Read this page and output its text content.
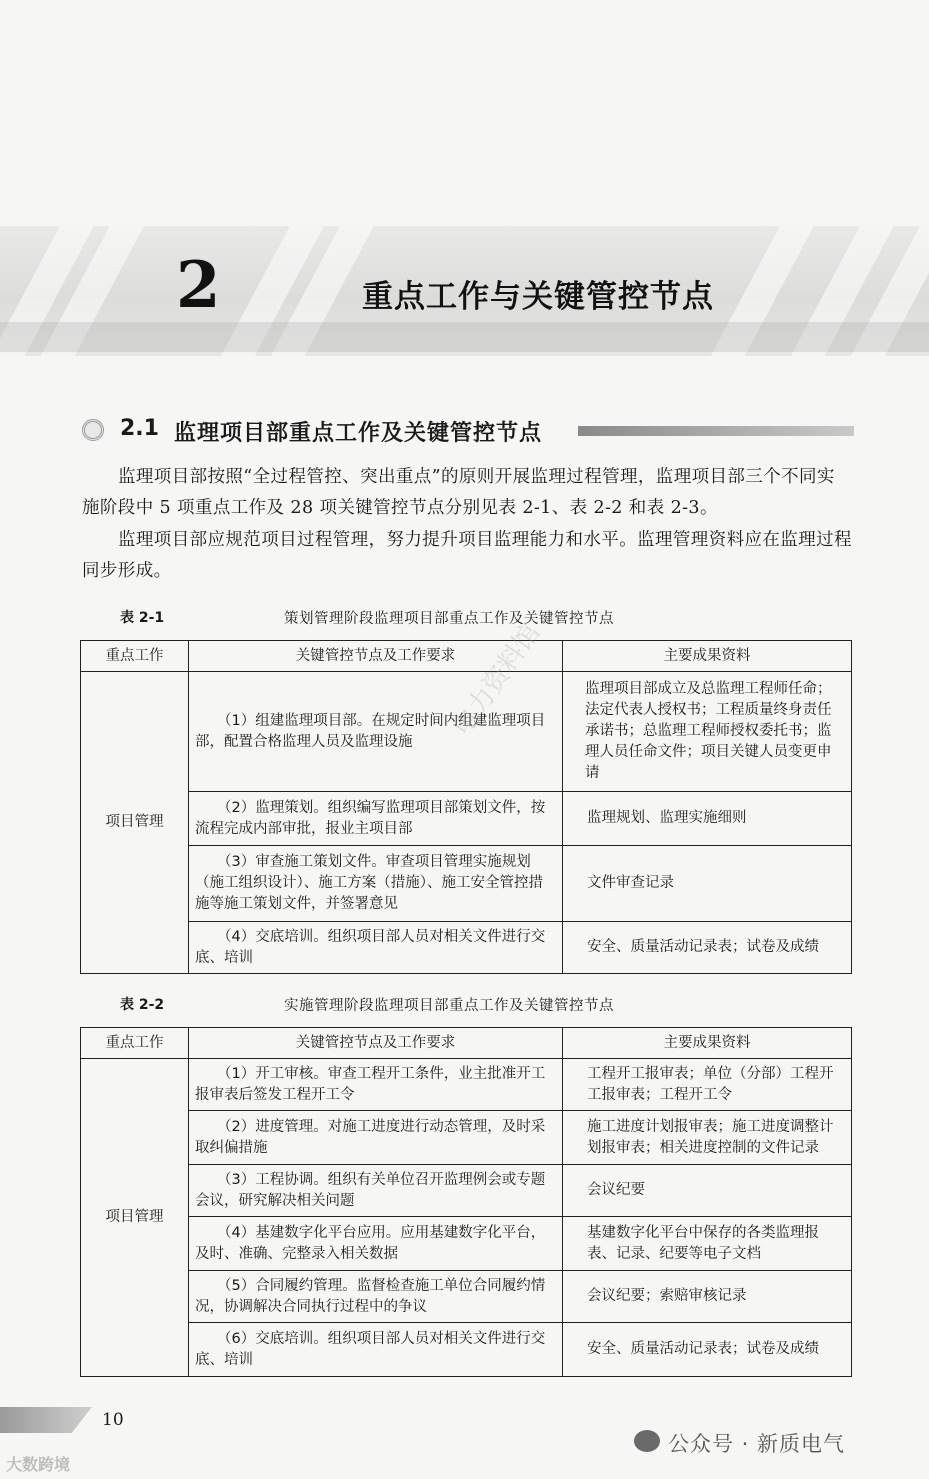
2	重点工作与关键管控节点
2.1 监理项目部重点工作及关键管控节点

监理项目部按照“全过程管控、突出重点”的原则开展监理过程管理，监理项目部三个不同实施阶段中 5 项重点工作及 28 项关键管控节点分别见表 2-1、表 2-2 和表 2-3。

监理项目部应规范项目过程管理，努力提升项目监理能力和水平。监理管理资料应在监理过程同步形成。

表 2-1	策划管理阶段监理项目部重点工作及关键管控节点
重点工作	关键管控节点及工作要求	主要成果资料
项目管理	（1）组建监理项目部。在规定时间内组建监理项目部，配置合格监理人员及监理设施	监理项目部成立及总监理工程师任命；法定代表人授权书；工程质量终身责任承诺书；总监理工程师授权委托书；监理人员任命文件；项目关键人员变更申请
	（2）监理策划。组织编写监理项目部策划文件，按流程完成内部审批，报业主项目部	监理规划、监理实施细则
	（3）审查施工策划文件。审查项目管理实施规划（施工组织设计）、施工方案（措施）、施工安全管控措施等施工策划文件，并签署意见	文件审查记录
	（4）交底培训。组织项目部人员对相关文件进行交底、培训	安全、质量活动记录表；试卷及成绩
表 2-2	实施管理阶段监理项目部重点工作及关键管控节点
重点工作	关键管控节点及工作要求	主要成果资料
项目管理	（1）开工审核。审查工程开工条件，业主批准开工报审表后签发工程开工令	工程开工报审表；单位（分部）工程开工报审表；工程开工令
	（2）进度管理。对施工进度进行动态管理，及时采取纠偏措施	施工进度计划报审表；施工进度调整计划报审表；相关进度控制的文件记录
	（3）工程协调。组织有关单位召开监理例会或专题会议，研究解决相关问题	会议纪要
	（4）基建数字化平台应用。应用基建数字化平台，及时、准确、完整录入相关数据	基建数字化平台中保存的各类监理报表、记录、纪要等电子文档
	（5）合同履约管理。监督检查施工单位合同履约情况，协调解决合同执行过程中的争议	会议纪要；索赔审核记录
	（6）交底培训。组织项目部人员对相关文件进行交底、培训	安全、质量活动记录表；试卷及成绩
电力资料馆
10
大数跨境
公众号 · 新质电气
